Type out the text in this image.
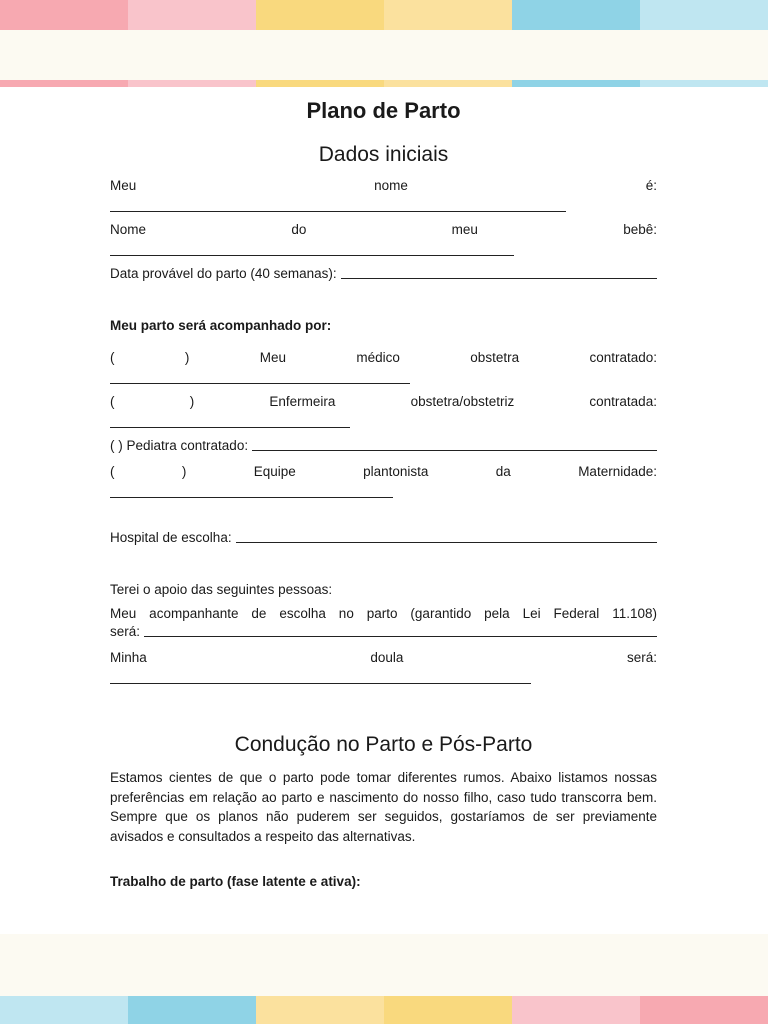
Plano de Parto
Dados iniciais
Meu	nome	é:
Nome	do	meu	bebê:
Data provável do parto (40 semanas):
Meu parto será acompanhado por:
(	)	Meu	médico	obstetra	contratado:
(	)	Enfermeira	obstetra/obstetriz	contratada:
( ) Pediatra contratado:
(	)	Equipe	plantonista	da	Maternidade:
Hospital de escolha:
Terei o apoio das seguintes pessoas:
Meu acompanhante de escolha no parto (garantido pela Lei Federal 11.108)
será:
Minha	doula	será:
Condução no Parto e Pós-Parto

Estamos cientes de que o parto pode tomar diferentes rumos. Abaixo listamos nossas preferências em relação ao parto e nascimento do nosso filho, caso tudo transcorra bem. Sempre que os planos não puderem ser seguidos, gostaríamos de ser previamente avisados e consultados a respeito das alternativas.

Trabalho de parto (fase latente e ativa):
